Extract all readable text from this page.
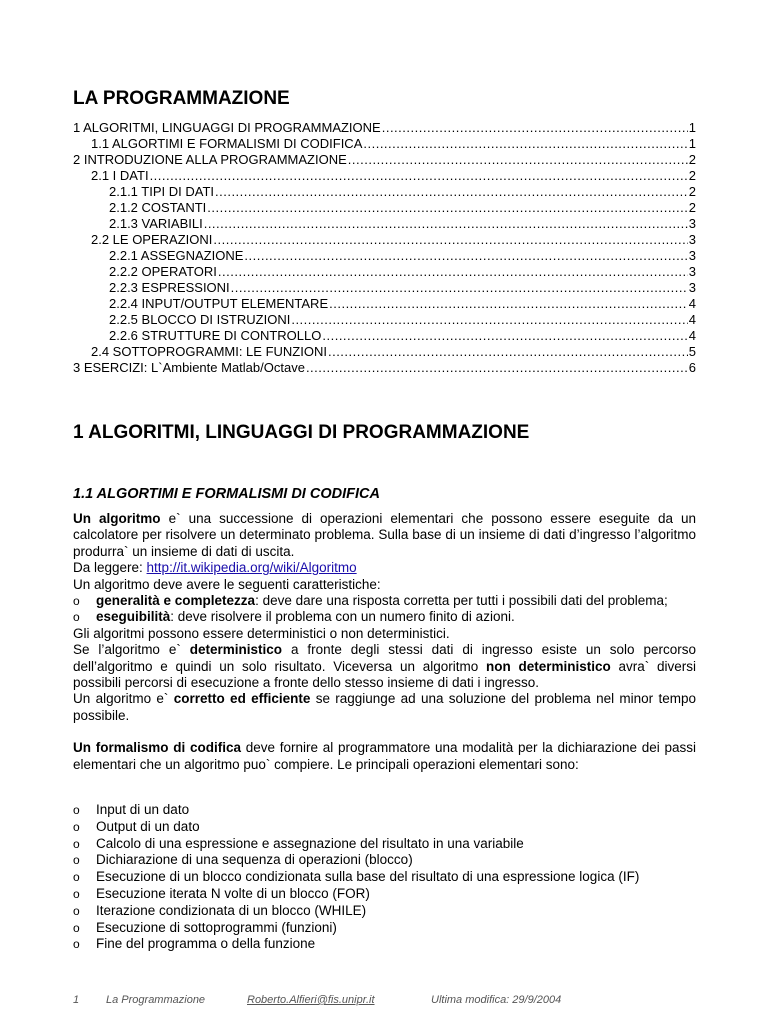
LA PROGRAMMAZIONE
1 ALGORITMI, LINGUAGGI DI PROGRAMMAZIONE .....	1
1.1 ALGORTIMI E FORMALISMI DI CODIFICA .....	1
2 INTRODUZIONE ALLA PROGRAMMAZIONE .....	2
2.1 I DATI .....	2
2.1.1 TIPI DI DATI .....	2
2.1.2 COSTANTI .....	2
2.1.3 VARIABILI .....	3
2.2 LE OPERAZIONI .....	3
2.2.1 ASSEGNAZIONE .....	3
2.2.2 OPERATORI .....	3
2.2.3 ESPRESSIONI .....	3
2.2.4 INPUT/OUTPUT ELEMENTARE .....	4
2.2.5 BLOCCO DI ISTRUZIONI .....	4
2.2.6 STRUTTURE DI CONTROLLO .....	4
2.4 SOTTOPROGRAMMI: LE FUNZIONI .....	5
3 ESERCIZI: L`Ambiente Matlab/Octave .....	6
1 ALGORITMI, LINGUAGGI DI PROGRAMMAZIONE
1.1 ALGORTIMI E FORMALISMI DI CODIFICA

Un algoritmo e` una successione di operazioni elementari che possono essere eseguite da un calcolatore per risolvere un determinato problema. Sulla base di un insieme di dati d’ingresso l’algoritmo produrra` un insieme di dati di uscita.

Da leggere: http://it.wikipedia.org/wiki/Algoritmo

Un algoritmo deve avere le seguenti caratteristiche:

o	generalità e completezza: deve dare una risposta corretta per tutti i possibili dati del problema;
o	eseguibilità: deve risolvere il problema con un numero finito di azioni.

Gli algoritmi possono essere deterministici o non deterministici.

Se l’algoritmo e` deterministico a fronte degli stessi dati di ingresso esiste un solo percorso dell’algoritmo e quindi un solo risultato. Viceversa un algoritmo non deterministico avra` diversi possibili percorsi di esecuzione a fronte dello stesso insieme di dati i ingresso.

Un algoritmo e` corretto ed efficiente se raggiunge ad una soluzione del problema nel minor tempo possibile.

Un formalismo di codifica deve fornire al programmatore una modalità per la dichiarazione dei passi elementari che un algoritmo puo` compiere. Le principali operazioni elementari sono:

o	Input di un dato
o	Output di un dato
o	Calcolo di una espressione e assegnazione del risultato in una variabile
o	Dichiarazione di una sequenza di operazioni (blocco)
o	Esecuzione di un blocco condizionata sulla base del risultato di una espressione logica (IF)
o	Esecuzione iterata N volte di un blocco (FOR)
o	Iterazione condizionata di un blocco (WHILE)
o	Esecuzione di sottoprogrammi (funzioni)
o	Fine del programma o della funzione
1 La Programmazione	Roberto.Alfieri@fis.unipr.it	Ultima modifica: 29/9/2004
